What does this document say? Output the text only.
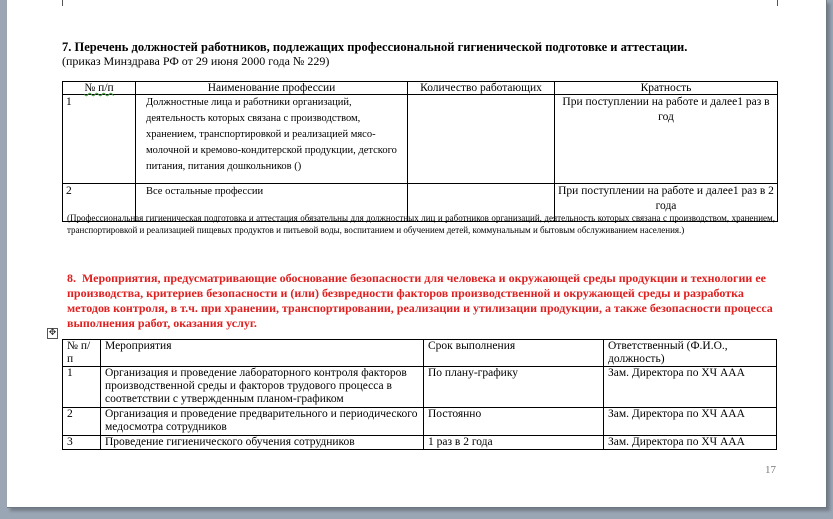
7. Перечень должностей работников, подлежащих профессиональной гигиенической подготовке и аттестации.
(приказ Минздрава РФ от 29 июня 2000 года № 229)
№ п/п	Наименование профессии	Количество работающих	Кратность
1	Должностные лица и работники организаций, деятельность которых связана с производством, хранением, транспортировкой и реализацией мясо-молочной и кремово-кондитерской продукции, детского питания, питания дошкольников ()		При поступлении на работе и далее1 раз в год
2	Все остальные профессии		При поступлении на работе и далее1 раз в 2 года
(Профессиональная гигиеническая подготовка и аттестация обязательны для должностных лиц и работников организаций, деятельность которых связана с производством, хранением, транспортировкой и реализацией пищевых продуктов и питьевой воды, воспитанием и обучением детей, коммунальным и бытовым обслуживанием населения.)
8. Мероприятия, предусматривающие обоснование безопасности для человека и окружающей среды продукции и технологии ее производства, критериев безопасности и (или) безвредности факторов производственной и окружающей среды и разработка методов контроля, в т.ч. при хранении, транспортировании, реализации и утилизации продукции, а также безопасности процесса выполнения работ, оказания услуг.
✥
№ п/п	Мероприятия	Срок выполнения	Ответственный (Ф.И.О., должность)
1	Организация и проведение лабораторного контроля факторов производственной среды и факторов трудового процесса в соответствии с утвержденным планом-графиком	По плану-графику	Зам. Директора по ХЧ ААА
2	Организация и проведение предварительного и периодического медосмотра сотрудников	Постоянно	Зам. Директора по ХЧ ААА
3	Проведение гигиенического обучения сотрудников	1 раз в 2 года	Зам. Директора по ХЧ ААА
17
